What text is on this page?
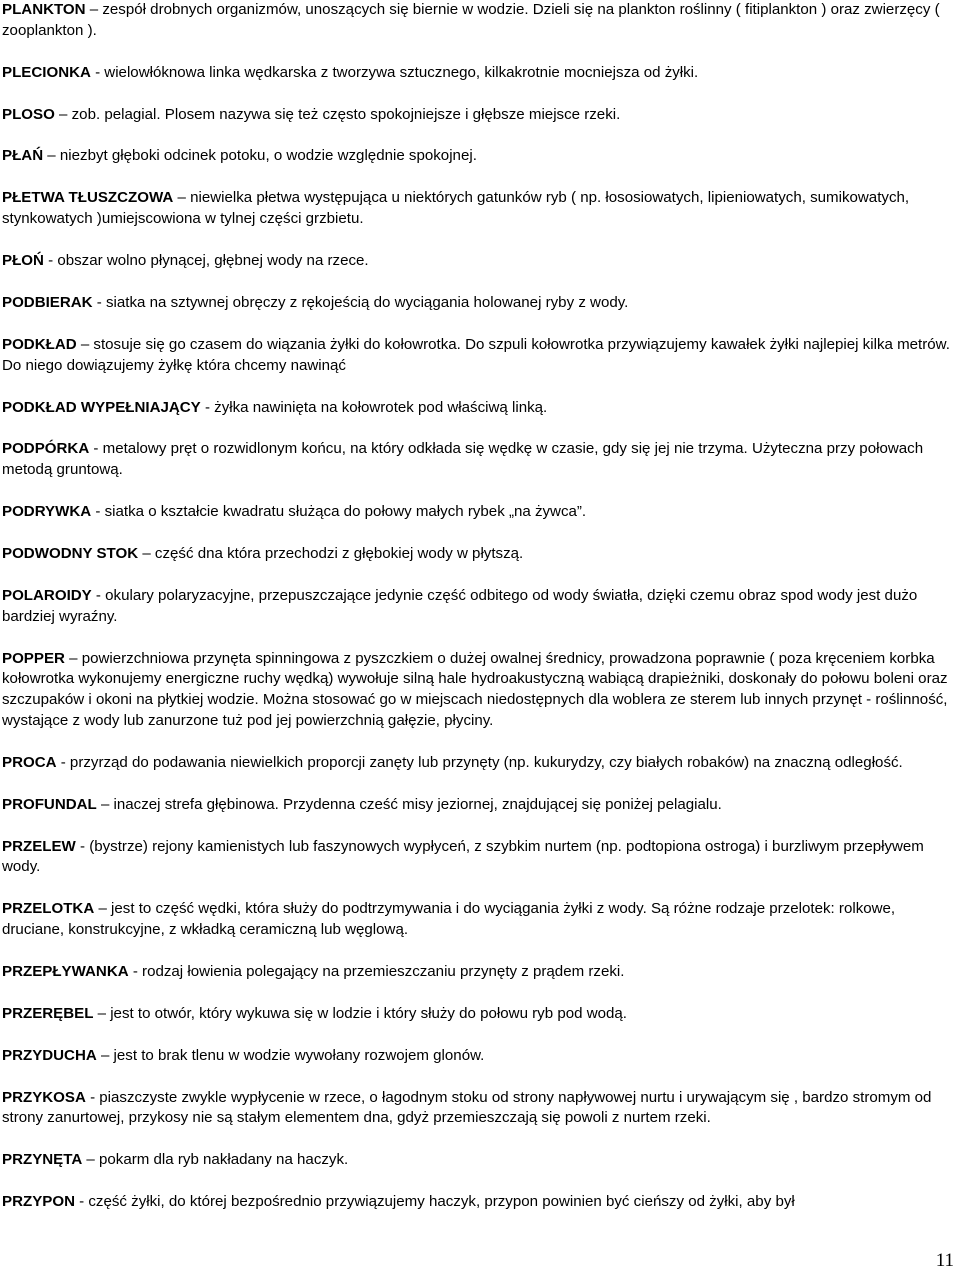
PLANKTON – zespół drobnych organizmów, unoszących się biernie w wodzie. Dzieli się na plankton roślinny ( fitiplankton ) oraz zwierzęcy ( zooplankton ).

PLECIONKA - wielowłóknowa linka wędkarska z tworzywa sztucznego, kilkakrotnie mocniejsza od żyłki.

PLOSO – zob. pelagial. Plosem nazywa się też często spokojniejsze i głębsze miejsce rzeki.

PŁAŃ – niezbyt głęboki odcinek potoku, o wodzie względnie spokojnej.

PŁETWA TŁUSZCZOWA – niewielka płetwa występująca u niektórych gatunków ryb ( np. łososiowatych, lipieniowatych, sumikowatych, stynkowatych )umiejscowiona w tylnej części grzbietu.

PŁOŃ - obszar wolno płynącej, głębnej wody na rzece.

PODBIERAK - siatka na sztywnej obręczy z rękojeścią do wyciągania holowanej ryby z wody.

PODKŁAD – stosuje się go czasem do wiązania żyłki do kołowrotka. Do szpuli kołowrotka przywiązujemy kawałek żyłki najlepiej kilka metrów. Do niego dowiązujemy żyłkę która chcemy nawinąć

PODKŁAD WYPEŁNIAJĄCY - żyłka nawinięta na kołowrotek pod właściwą linką.

PODPÓRKA - metalowy pręt o rozwidlonym końcu, na który odkłada się wędkę w czasie, gdy się jej nie trzyma. Użyteczna przy połowach metodą gruntową.

PODRYWKA - siatka o kształcie kwadratu służąca do połowy małych rybek „na żywca”.

PODWODNY STOK – część dna która przechodzi z głębokiej wody w płytszą.

POLAROIDY - okulary polaryzacyjne, przepuszczające jedynie część odbitego od wody światła, dzięki czemu obraz spod wody jest dużo bardziej wyraźny.

POPPER – powierzchniowa przynęta spinningowa z pyszczkiem o dużej owalnej średnicy, prowadzona poprawnie ( poza kręceniem korbka kołowrotka wykonujemy energiczne ruchy wędką) wywołuje silną hale hydroakustyczną wabiącą drapieżniki, doskonały do połowu boleni oraz szczupaków i okoni na płytkiej wodzie. Można stosować go w miejscach niedostępnych dla woblera ze sterem lub innych przynęt - roślinność, wystające z wody lub zanurzone tuż pod jej powierzchnią gałęzie, płyciny.

PROCA - przyrząd do podawania niewielkich proporcji zanęty lub przynęty (np. kukurydzy, czy białych robaków) na znaczną odległość.

PROFUNDAL – inaczej strefa głębinowa. Przydenna cześć misy jeziornej, znajdującej się poniżej pelagialu.

PRZELEW - (bystrze) rejony kamienistych lub faszynowych wypłyceń, z szybkim nurtem (np. podtopiona ostroga) i burzliwym przepływem wody.

PRZELOTKA – jest to część wędki, która służy do podtrzymywania i do wyciągania żyłki z wody. Są różne rodzaje przelotek: rolkowe, druciane, konstrukcyjne, z wkładką ceramiczną lub węglową.

PRZEPŁYWANKA - rodzaj łowienia polegający na przemieszczaniu przynęty z prądem rzeki.

PRZERĘBEL – jest to otwór, który wykuwa się w lodzie i który służy do połowu ryb pod wodą.

PRZYDUCHA – jest to brak tlenu w wodzie wywołany rozwojem glonów.

PRZYKOSA - piaszczyste zwykle wypłycenie w rzece, o łagodnym stoku od strony napływowej nurtu i urywającym się , bardzo stromym od strony zanurtowej, przykosy nie są stałym elementem dna, gdyż przemieszczają się powoli z nurtem rzeki.

PRZYNĘTA – pokarm dla ryb nakładany na haczyk.

PRZYPON - część żyłki, do której bezpośrednio przywiązujemy haczyk, przypon powinien być cieńszy od żyłki, aby był

11
